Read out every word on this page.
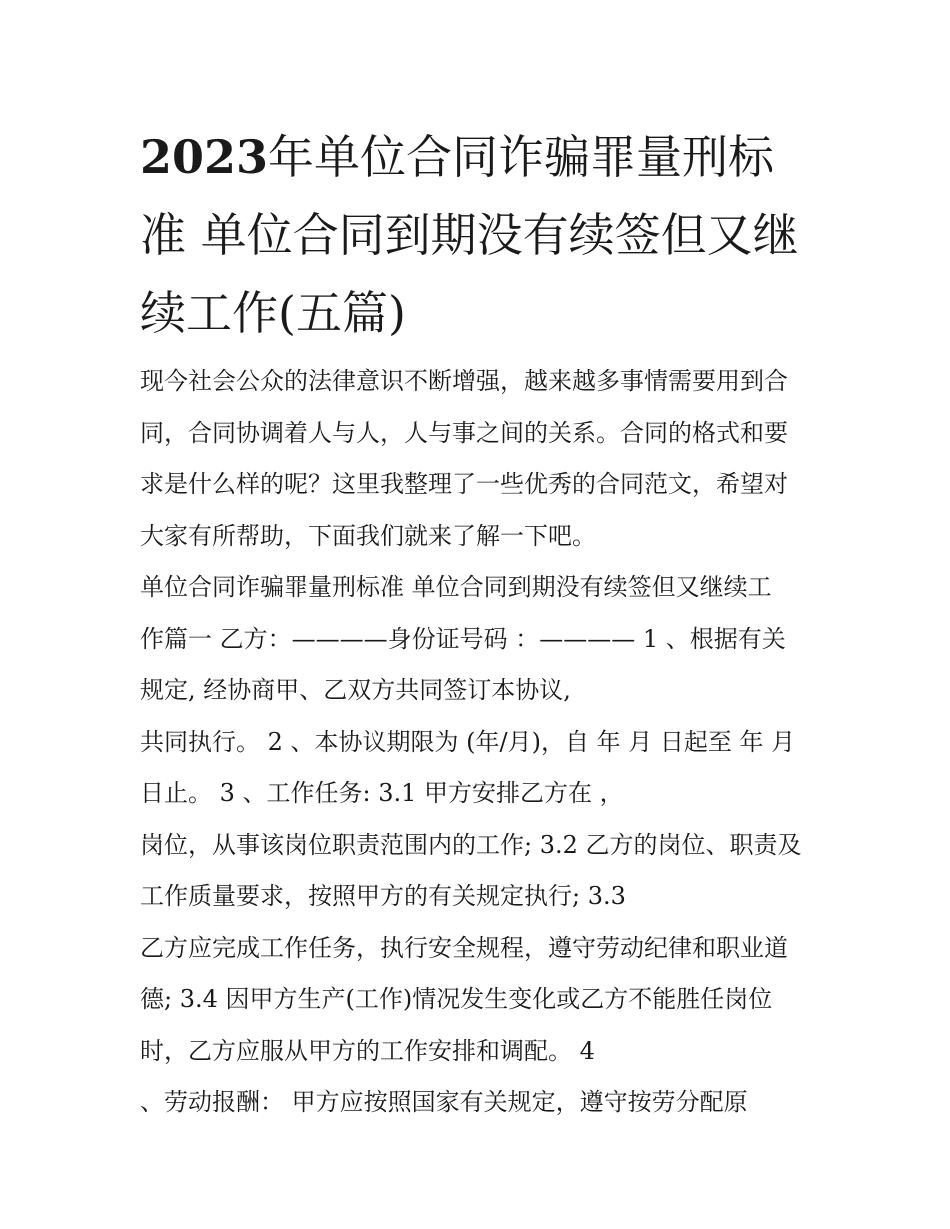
2023年单位合同诈骗罪量刑标准 单位合同到期没有续签但又继续工作(五篇)
现今社会公众的法律意识不断增强，越来越多事情需要用到合
同，合同协调着人与人，人与事之间的关系。合同的格式和要
求是什么样的呢？这里我整理了一些优秀的合同范文，希望对
大家有所帮助，下面我们就来了解一下吧。
单位合同诈骗罪量刑标准 单位合同到期没有续签但又继续工
作篇一 乙方：————身份证号码 ：———— 1 、根据有关
规定, 经协商甲、乙双方共同签订本协议,
共同执行。 2 、本协议期限为 (年/月)，自 年 月 日起至 年 月
日止。 3 、工作任务: 3.1 甲方安排乙方在 ，
岗位，从事该岗位职责范围内的工作; 3.2 乙方的岗位、职责及
工作质量要求，按照甲方的有关规定执行; 3.3
乙方应完成工作任务，执行安全规程，遵守劳动纪律和职业道
德; 3.4 因甲方生产(工作)情况发生变化或乙方不能胜任岗位
时，乙方应服从甲方的工作安排和调配。 4
、劳动报酬： 甲方应按照国家有关规定，遵守按劳分配原
